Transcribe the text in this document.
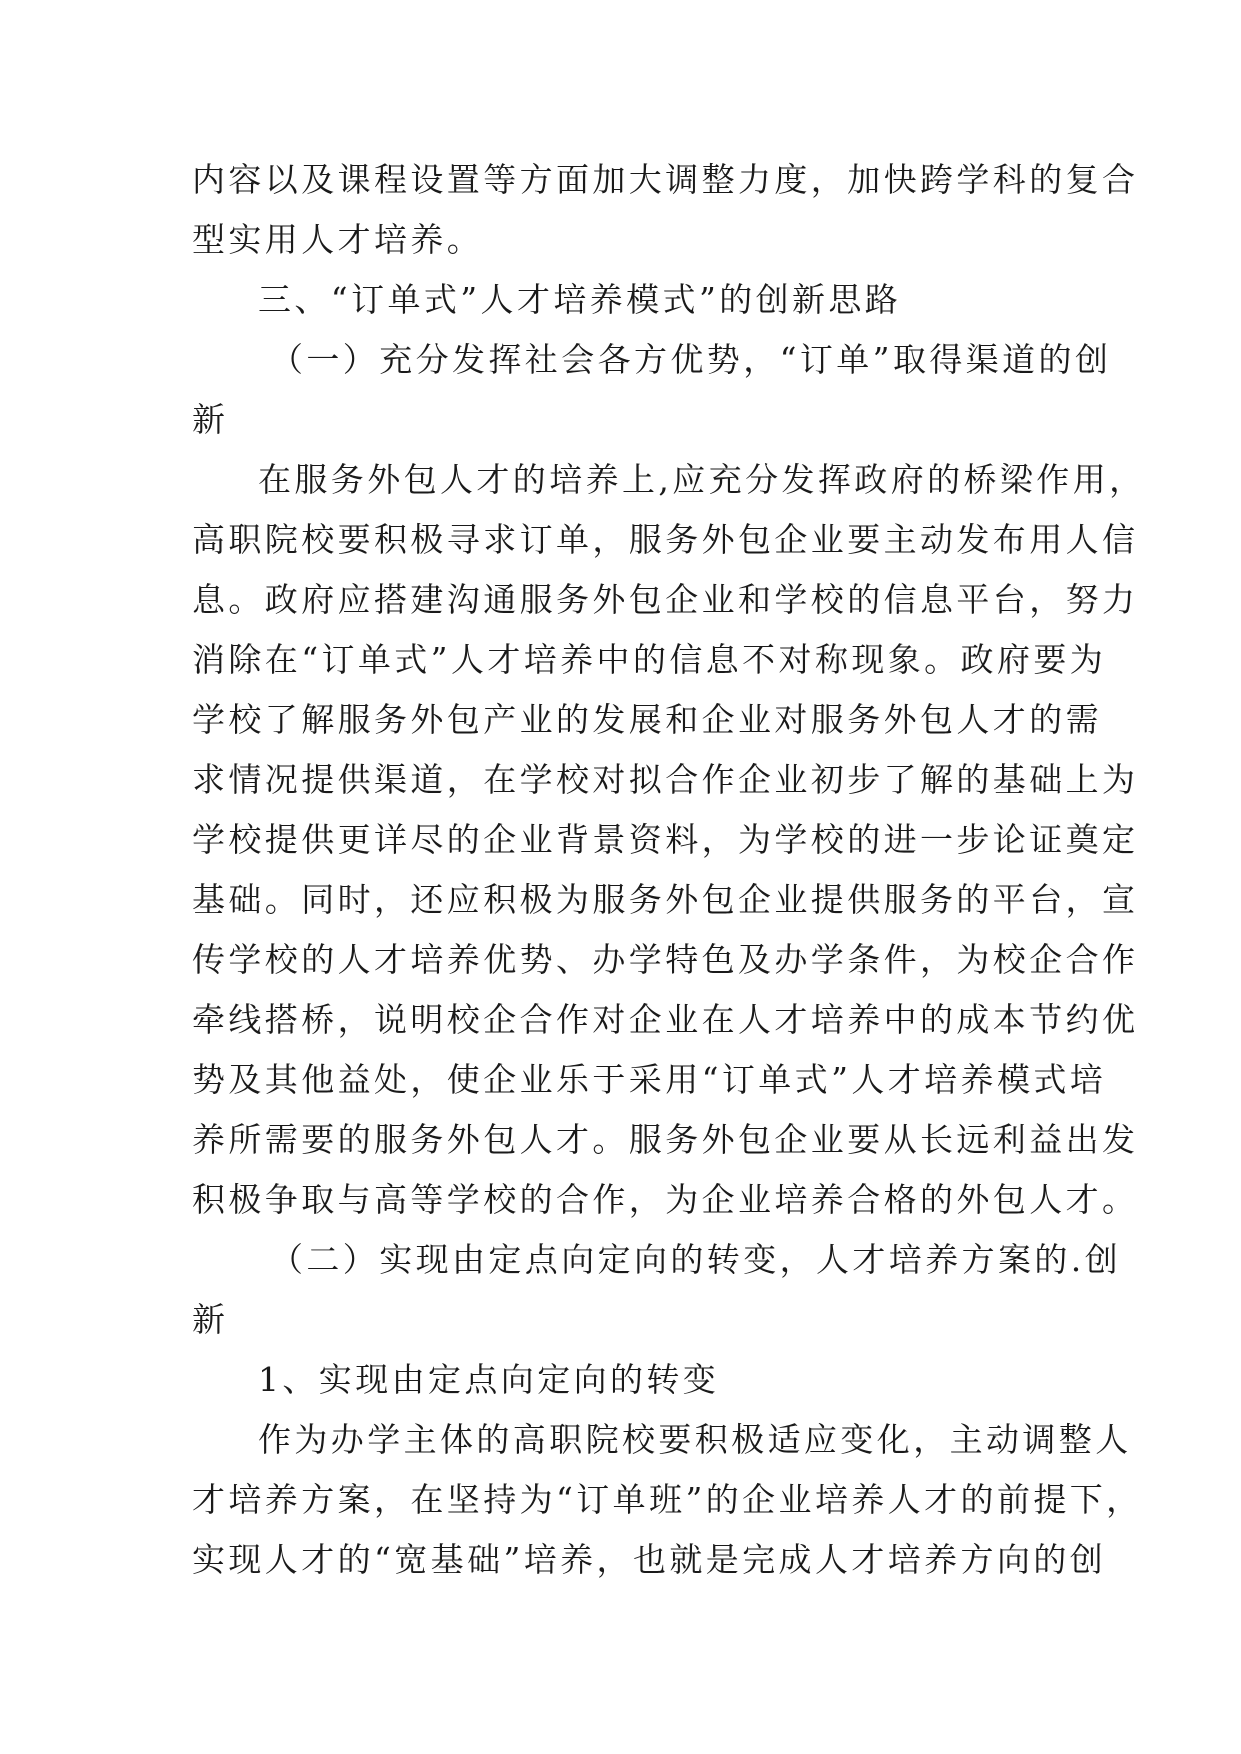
内容以及课程设置等方面加大调整力度，加快跨学科的复合
型实用人才培养。
三、“订单式”人才培养模式”的创新思路
（一）充分发挥社会各方优势，“订单”取得渠道的创
新
在服务外包人才的培养上,应充分发挥政府的桥梁作用，
高职院校要积极寻求订单，服务外包企业要主动发布用人信
息。政府应搭建沟通服务外包企业和学校的信息平台，努力
消除在“订单式”人才培养中的信息不对称现象。政府要为
学校了解服务外包产业的发展和企业对服务外包人才的需
求情况提供渠道，在学校对拟合作企业初步了解的基础上为
学校提供更详尽的企业背景资料，为学校的进一步论证奠定
基础。同时，还应积极为服务外包企业提供服务的平台，宣
传学校的人才培养优势、办学特色及办学条件，为校企合作
牵线搭桥，说明校企合作对企业在人才培养中的成本节约优
势及其他益处，使企业乐于采用“订单式”人才培养模式培
养所需要的服务外包人才。服务外包企业要从长远利益出发
积极争取与高等学校的合作，为企业培养合格的外包人才。
（二）实现由定点向定向的转变，人才培养方案的.创
新
1、实现由定点向定向的转变
作为办学主体的高职院校要积极适应变化，主动调整人
才培养方案，在坚持为“订单班”的企业培养人才的前提下，
实现人才的“宽基础”培养，也就是完成人才培养方向的创
